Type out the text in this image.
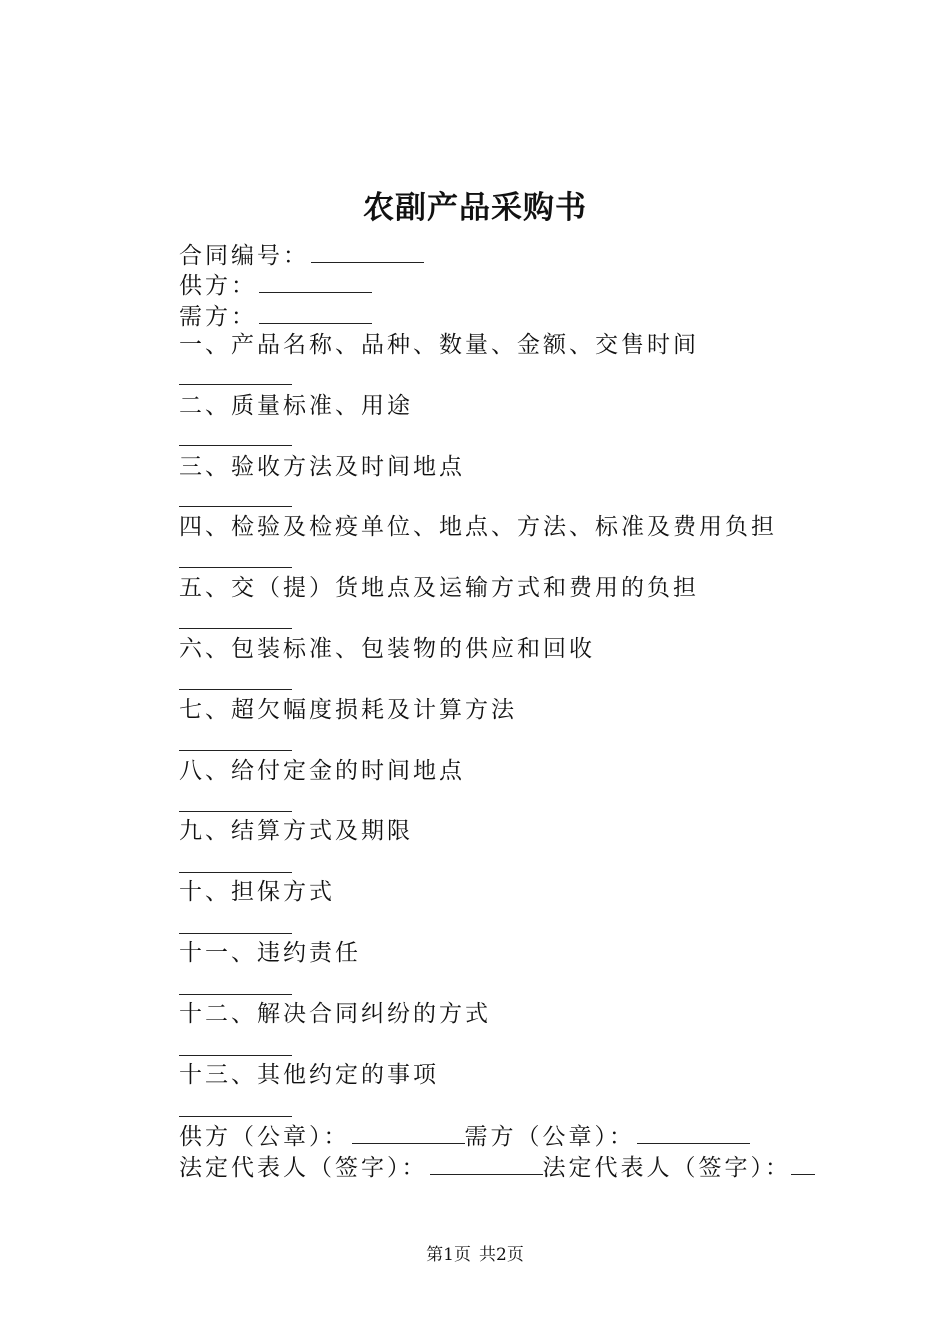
农副产品采购书
合同编号：
供方：
需方：
一、产品名称、品种、数量、金额、交售时间
二、质量标准、用途
三、验收方法及时间地点
四、检验及检疫单位、地点、方法、标准及费用负担
五、交（提）货地点及运输方式和费用的负担
六、包装标准、包装物的供应和回收
七、超欠幅度损耗及计算方法
八、给付定金的时间地点
九、结算方式及期限
十、担保方式
十一、违约责任
十二、解决合同纠纷的方式
十三、其他约定的事项
供方（公章）：	需方（公章）：
法定代表人（签字）：	法定代表人（签字）：
第1页 共2页
